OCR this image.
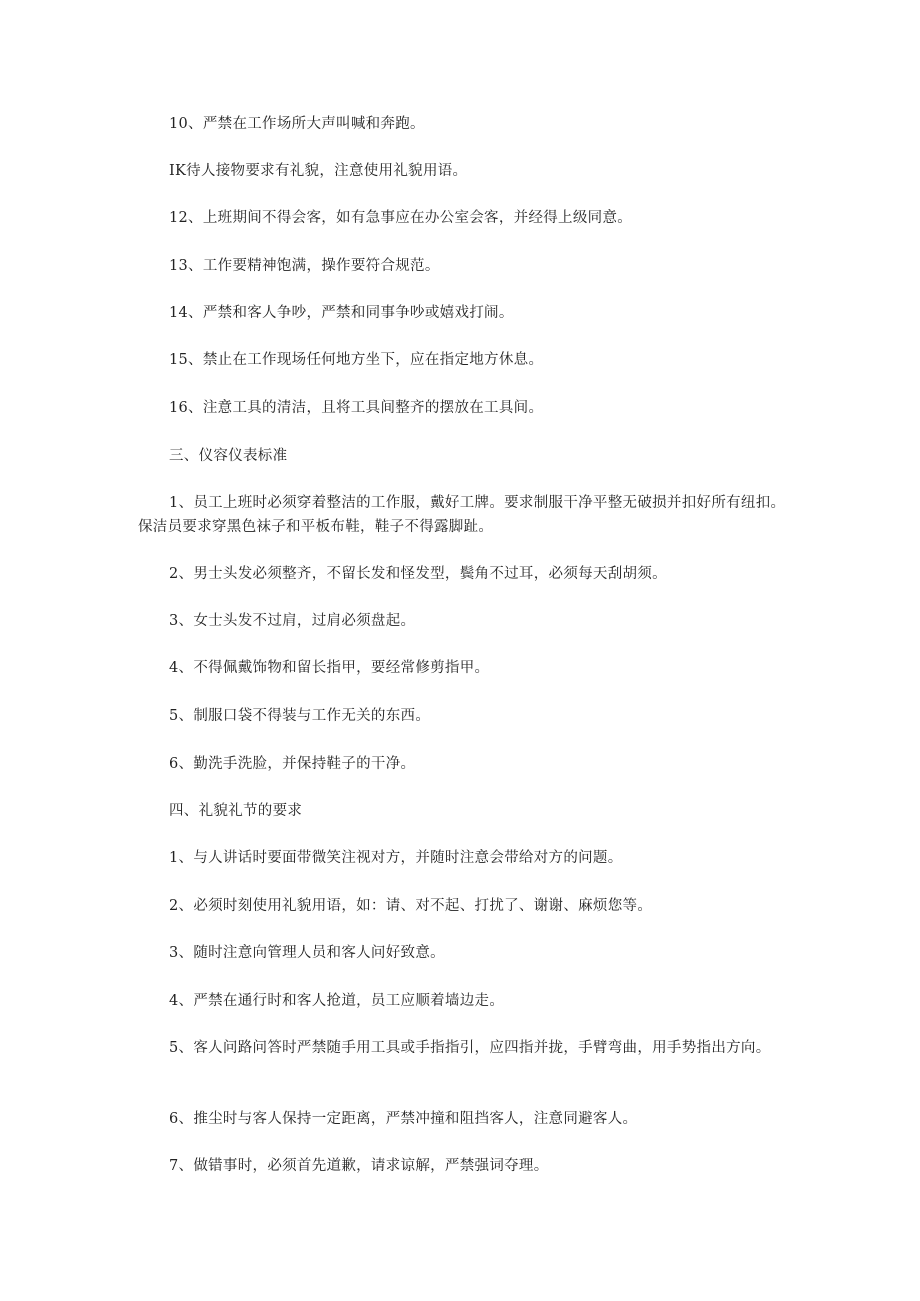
10、严禁在工作场所大声叫喊和奔跑。

IK待人接物要求有礼貌，注意使用礼貌用语。

12、上班期间不得会客，如有急事应在办公室会客，并经得上级同意。

13、工作要精神饱满，操作要符合规范。

14、严禁和客人争吵，严禁和同事争吵或嬉戏打闹。

15、禁止在工作现场任何地方坐下，应在指定地方休息。

16、注意工具的清洁，且将工具间整齐的摆放在工具间。

三、仪容仪表标准

1、员工上班时必须穿着整洁的工作服，戴好工牌。要求制服干净平整无破损并扣好所有纽扣。保洁员要求穿黑色袜子和平板布鞋，鞋子不得露脚趾。

2、男士头发必须整齐，不留长发和怪发型，鬓角不过耳，必须每天刮胡须。

3、女士头发不过肩，过肩必须盘起。

4、不得佩戴饰物和留长指甲，要经常修剪指甲。

5、制服口袋不得装与工作无关的东西。

6、勤洗手洗脸，并保持鞋子的干净。

四、礼貌礼节的要求

1、与人讲话时要面带微笑注视对方，并随时注意会带给对方的问题。

2、必须时刻使用礼貌用语，如：请、对不起、打扰了、谢谢、麻烦您等。

3、随时注意向管理人员和客人问好致意。

4、严禁在通行时和客人抢道，员工应顺着墙边走。

5、客人问路问答时严禁随手用工具或手指指引，应四指并拢，手臂弯曲，用手势指出方向。

6、推尘时与客人保持一定距离，严禁冲撞和阻挡客人，注意同避客人。

7、做错事时，必须首先道歉，请求谅解，严禁强词夺理。
